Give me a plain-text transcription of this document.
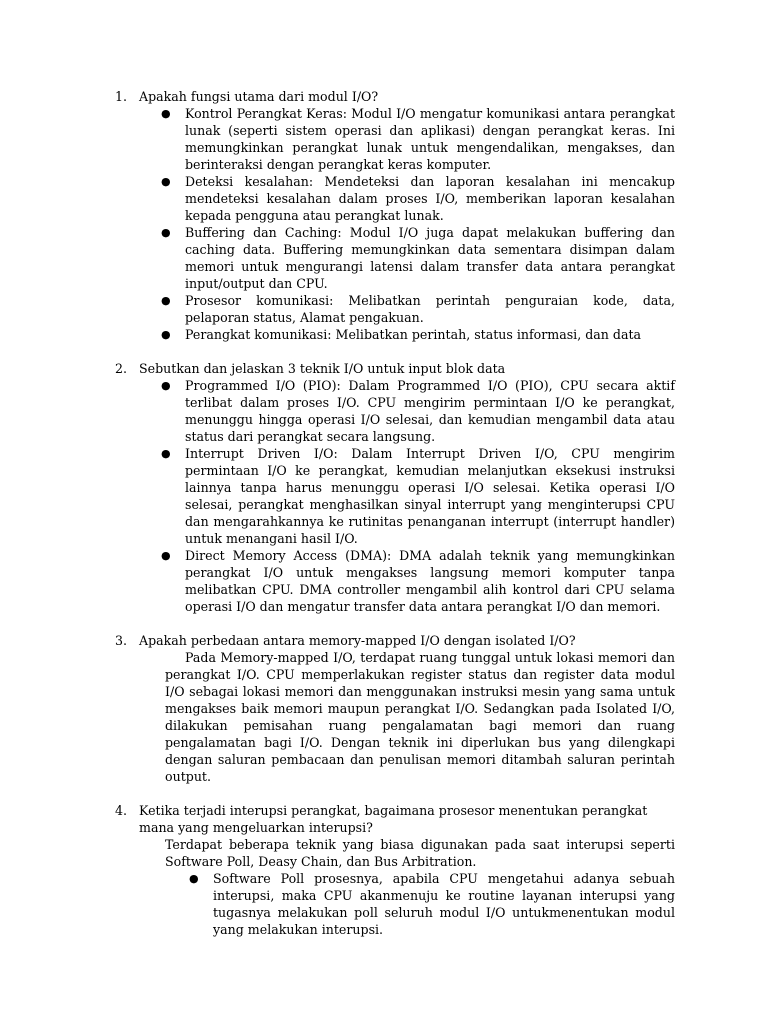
1. Apakah fungsi utama dari modul I/O?
●	Kontrol Perangkat Keras: Modul I/O mengatur komunikasi antara perangkat lunak (seperti sistem operasi dan aplikasi) dengan perangkat keras. Ini memungkinkan perangkat lunak untuk mengendalikan, mengakses, dan berinteraksi dengan perangkat keras komputer.
●	Deteksi kesalahan: Mendeteksi dan laporan kesalahan ini mencakup mendeteksi kesalahan dalam proses I/O, memberikan laporan kesalahan kepada pengguna atau perangkat lunak.
●	Buffering dan Caching: Modul I/O juga dapat melakukan buffering dan caching data. Buffering memungkinkan data sementara disimpan dalam memori untuk mengurangi latensi dalam transfer data antara perangkat input/output dan CPU.
●	Prosesor komunikasi: Melibatkan perintah penguraian kode, data, pelaporan status, Alamat pengakuan.
●	Perangkat komunikasi: Melibatkan perintah, status informasi, dan data
2. Sebutkan dan jelaskan 3 teknik I/O untuk input blok data
●	Programmed I/O (PIO): Dalam Programmed I/O (PIO), CPU secara aktif terlibat dalam proses I/O. CPU mengirim permintaan I/O ke perangkat, menunggu hingga operasi I/O selesai, dan kemudian mengambil data atau status dari perangkat secara langsung.
●	Interrupt Driven I/O: Dalam Interrupt Driven I/O, CPU mengirim permintaan I/O ke perangkat, kemudian melanjutkan eksekusi instruksi lainnya tanpa harus menunggu operasi I/O selesai. Ketika operasi I/O selesai, perangkat menghasilkan sinyal interrupt yang menginterupsi CPU dan mengarahkannya ke rutinitas penanganan interrupt (interrupt handler) untuk menangani hasil I/O.
●	Direct Memory Access (DMA): DMA adalah teknik yang memungkinkan perangkat I/O untuk mengakses langsung memori komputer tanpa melibatkan CPU. DMA controller mengambil alih kontrol dari CPU selama operasi I/O dan mengatur transfer data antara perangkat I/O dan memori.
3. Apakah perbedaan antara memory-mapped I/O dengan isolated I/O?
Pada Memory-mapped I/O, terdapat ruang tunggal untuk lokasi memori dan perangkat I/O. CPU memperlakukan register status dan register data modul I/O sebagai lokasi memori dan menggunakan instruksi mesin yang sama untuk mengakses baik memori maupun perangkat I/O. Sedangkan pada Isolated I/O, dilakukan pemisahan ruang pengalamatan bagi memori dan ruang pengalamatan bagi I/O. Dengan teknik ini diperlukan bus yang dilengkapi dengan saluran pembacaan dan penulisan memori ditambah saluran perintah output.
4. Ketika terjadi interupsi perangkat, bagaimana prosesor menentukan perangkat mana yang mengeluarkan interupsi?
Terdapat beberapa teknik yang biasa digunakan pada saat interupsi seperti Software Poll, Deasy Chain, dan Bus Arbitration.
●	Software Poll prosesnya, apabila CPU mengetahui adanya sebuah interupsi, maka CPU akanmenuju ke routine layanan interupsi yang tugasnya melakukan poll seluruh modul I/O untukmenentukan modul yang melakukan interupsi.
